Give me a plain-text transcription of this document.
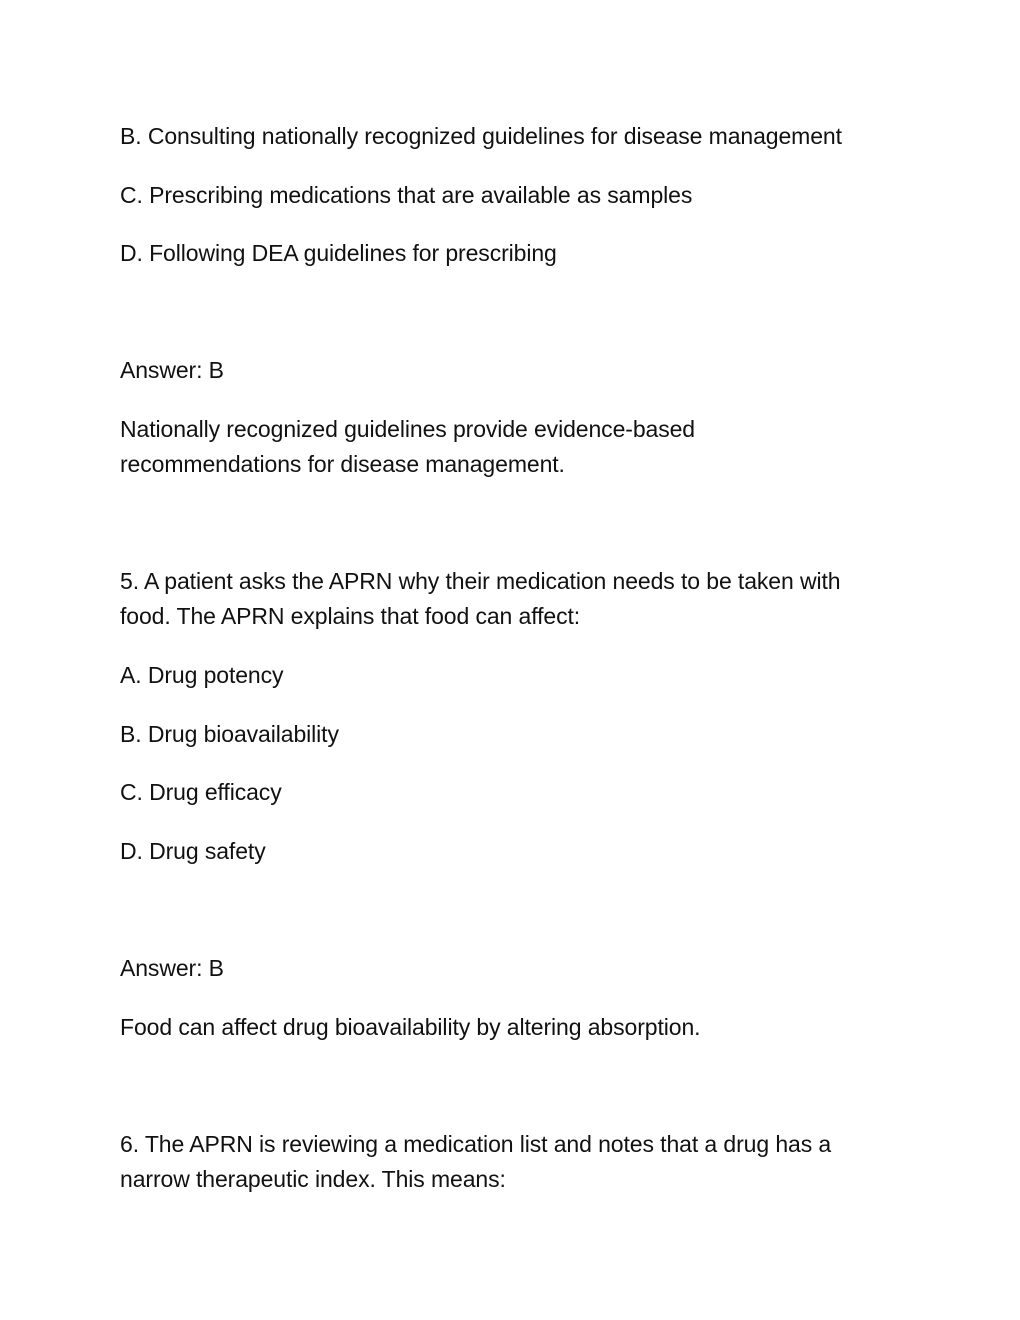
B. Consulting nationally recognized guidelines for disease management
C. Prescribing medications that are available as samples
D. Following DEA guidelines for prescribing
Answer: B
Nationally recognized guidelines provide evidence-based
recommendations for disease management.
5. A patient asks the APRN why their medication needs to be taken with
food. The APRN explains that food can affect:
A. Drug potency
B. Drug bioavailability
C. Drug efficacy
D. Drug safety
Answer: B
Food can affect drug bioavailability by altering absorption.
6. The APRN is reviewing a medication list and notes that a drug has a
narrow therapeutic index. This means:
